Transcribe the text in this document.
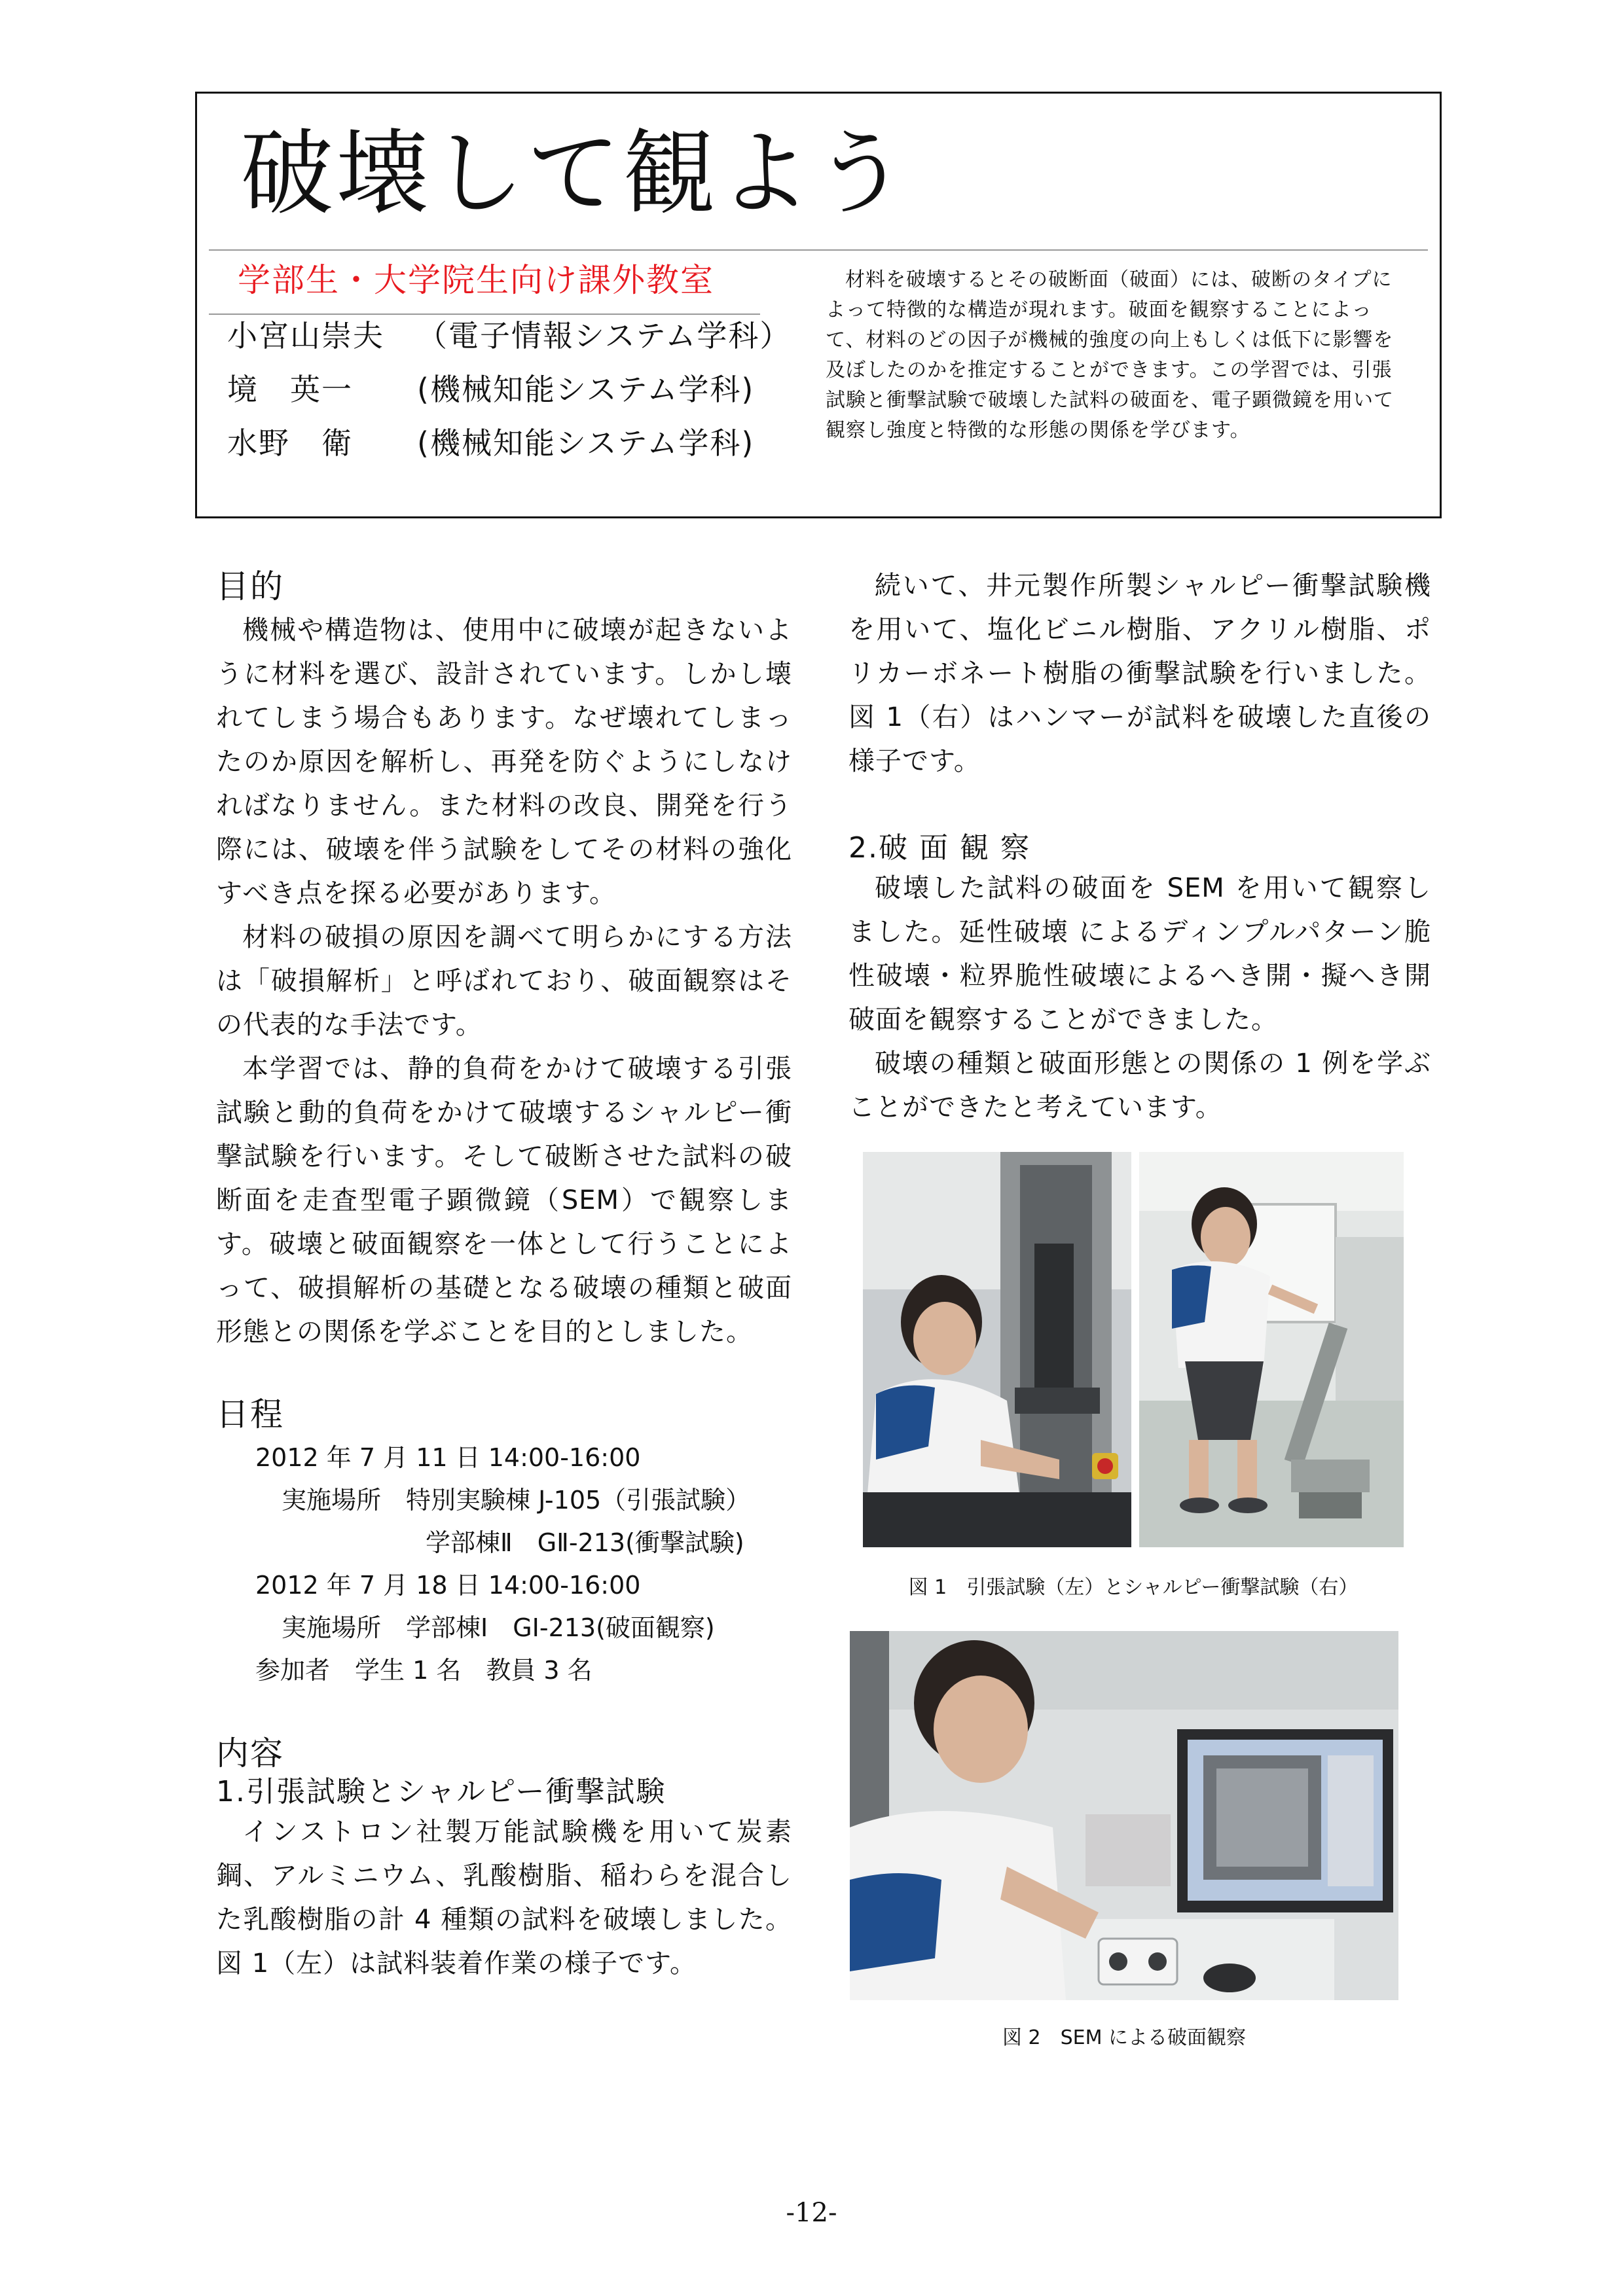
破壊して観よう
学部生・大学院生向け課外教室
小宮山崇夫 （電子情報システム学科）
境　英一 (機械知能システム学科)
水野　衛 (機械知能システム学科)

材料を破壊するとその破断面（破面）には、破断のタイプによって特徴的な構造が現れます。破面を観察することによって、材料のどの因子が機械的強度の向上もしくは低下に影響を及ぼしたのかを推定することができます。この学習では、引張試験と衝撃試験で破壊した試料の破面を、電子顕微鏡を用いて観察し強度と特徴的な形態の関係を学びます。

目的

機械や構造物は、使用中に破壊が起きないように材料を選び、設計されています。しかし壊れてしまう場合もあります。なぜ壊れてしまったのか原因を解析し、再発を防ぐようにしなければなりません。また材料の改良、開発を行う際には、破壊を伴う試験をしてその材料の強化すべき点を探る必要があります。

材料の破損の原因を調べて明らかにする方法は「破損解析」と呼ばれており、破面観察はその代表的な手法です。

本学習では、静的負荷をかけて破壊する引張試験と動的負荷をかけて破壊するシャルピー衝撃試験を行います。そして破断させた試料の破断面を走査型電子顕微鏡（SEM）で観察します。破壊と破面観察を一体として行うことによって、破損解析の基礎となる破壊の種類と破面形態との関係を学ぶことを目的としました。

日程
2012 年 7 月 11 日 14:00-16:00
実施場所　特別実験棟 J-105（引張試験）
学部棟Ⅱ　GⅡ-213(衝撃試験)
2012 年 7 月 18 日 14:00-16:00
実施場所　学部棟Ⅰ　GⅠ-213(破面観察)
参加者　学生 1 名　教員 3 名
内容
1.引張試験とシャルピー衝撃試験

インストロン社製万能試験機を用いて炭素鋼、アルミニウム、乳酸樹脂、稲わらを混合した乳酸樹脂の計 4 種類の試料を破壊しました。図 1（左）は試料装着作業の様子です。

続いて、井元製作所製シャルピー衝撃試験機を用いて、塩化ビニル樹脂、アクリル樹脂、ポリカーボネート樹脂の衝撃試験を行いました。図 1（右）はハンマーが試料を破壊した直後の様子です。

2.破 面 観 察

破壊した試料の破面を SEM を用いて観察しました。延性破壊 によるディンプルパターン脆性破壊・粒界脆性破壊によるへき開・擬へき開破面を観察することができました。

破壊の種類と破面形態との関係の 1 例を学ぶことができたと考えています。

図 1　引張試験（左）とシャルピー衝撃試験（右）
図 2　SEM による破面観察
-12-
